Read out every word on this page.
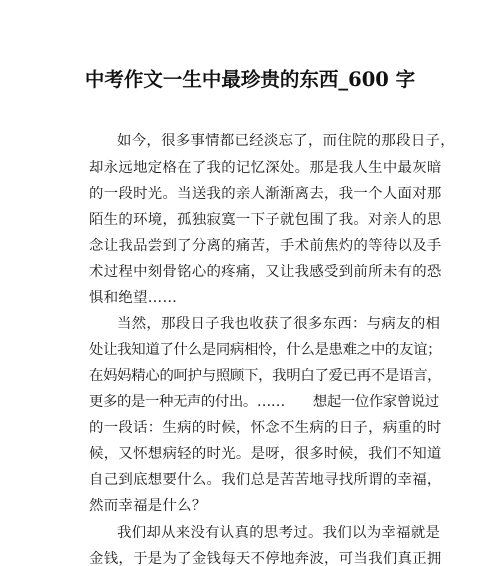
中考作文一生中最珍贵的东西_600 字
如今，很多事情都已经淡忘了，而住院的那段日子，
却永远地定格在了我的记忆深处。那是我人生中最灰暗
的一段时光。当送我的亲人渐渐离去，我一个人面对那
陌生的环境，孤独寂寞一下子就包围了我。对亲人的思
念让我品尝到了分离的痛苦，手术前焦灼的等待以及手
术过程中刻骨铭心的疼痛，又让我感受到前所未有的恐
惧和绝望……
当然，那段日子我也收获了很多东西：与病友的相
处让我知道了什么是同病相怜，什么是患难之中的友谊；
在妈妈精心的呵护与照顾下，我明白了爱已再不是语言，
更多的是一种无声的付出。……　　想起一位作家曾说过
的一段话：生病的时候，怀念不生病的日子，病重的时
候，又怀想病轻的时光。是呀，很多时候，我们不知道
自己到底想要什么。我们总是苦苦地寻找所谓的幸福，
然而幸福是什么？
我们却从来没有认真的思考过。我们以为幸福就是
金钱，于是为了金钱每天不停地奔波，可当我们真正拥
